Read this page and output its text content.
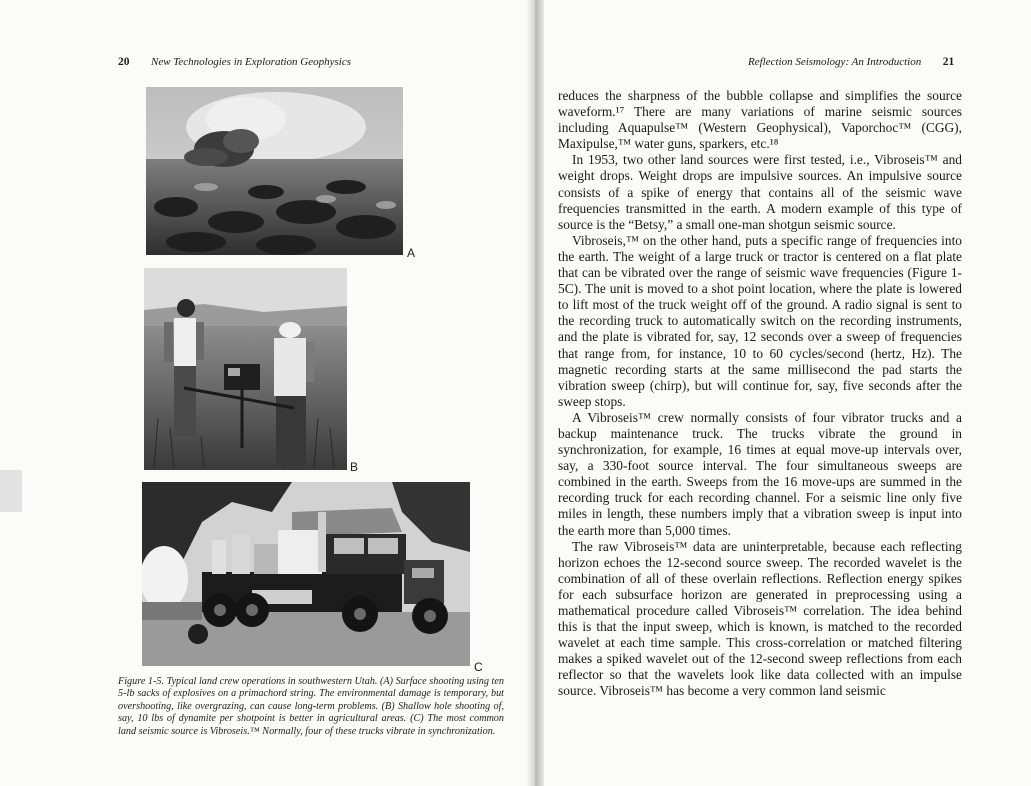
20 New Technologies in Exploration Geophysics
A
B
C

Figure 1-5. Typical land crew operations in southwestern Utah. (A) Surface shooting using ten 5-lb sacks of explosives on a primachord string. The environmental damage is temporary, but overshooting, like overgrazing, can cause long-term problems. (B) Shallow hole shooting of, say, 10 lbs of dynamite per shotpoint is better in agricultural areas. (C) The most common land seismic source is Vibroseis.™ Normally, four of these trucks vibrate in synchronization.

Reflection Seismology: An Introduction 21

reduces the sharpness of the bubble collapse and simplifies the source waveform.¹⁷ There are many variations of marine seismic sources including Aquapulse™ (Western Geophysical), Vaporchoc™ (CGG), Maxipulse,™ water guns, sparkers, etc.¹⁸

In 1953, two other land sources were first tested, i.e., Vibroseis™ and weight drops. Weight drops are impulsive sources. An impulsive source consists of a spike of energy that contains all of the seismic wave frequencies transmitted in the earth. A modern example of this type of source is the “Betsy,” a small one-man shotgun seismic source.

Vibroseis,™ on the other hand, puts a specific range of frequencies into the earth. The weight of a large truck or tractor is centered on a flat plate that can be vibrated over the range of seismic wave frequencies (Figure 1-5C). The unit is moved to a shot point location, where the plate is lowered to lift most of the truck weight off of the ground. A radio signal is sent to the recording truck to automatically switch on the recording instruments, and the plate is vibrated for, say, 12 seconds over a sweep of frequencies that range from, for instance, 10 to 60 cycles/second (hertz, Hz). The magnetic recording starts at the same millisecond the pad starts the vibration sweep (chirp), but will continue for, say, five seconds after the sweep stops.

A Vibroseis™ crew normally consists of four vibrator trucks and a backup maintenance truck. The trucks vibrate the ground in synchronization, for example, 16 times at equal move-up intervals over, say, a 330-foot source interval. The four simultaneous sweeps are combined in the earth. Sweeps from the 16 move-ups are summed in the recording truck for each recording channel. For a seismic line only five miles in length, these numbers imply that a vibration sweep is input into the earth more than 5,000 times.

The raw Vibroseis™ data are uninterpretable, because each reflecting horizon echoes the 12-second source sweep. The recorded wavelet is the combination of all of these overlain reflections. Reflection energy spikes for each subsurface horizon are generated in preprocessing using a mathematical procedure called Vibroseis™ correlation. The idea behind this is that the input sweep, which is known, is matched to the recorded wavelet at each time sample. This cross-correlation or matched filtering makes a spiked wavelet out of the 12-second sweep reflections from each reflector so that the wavelets look like data collected with an impulse source. Vibroseis™ has become a very common land seismic
